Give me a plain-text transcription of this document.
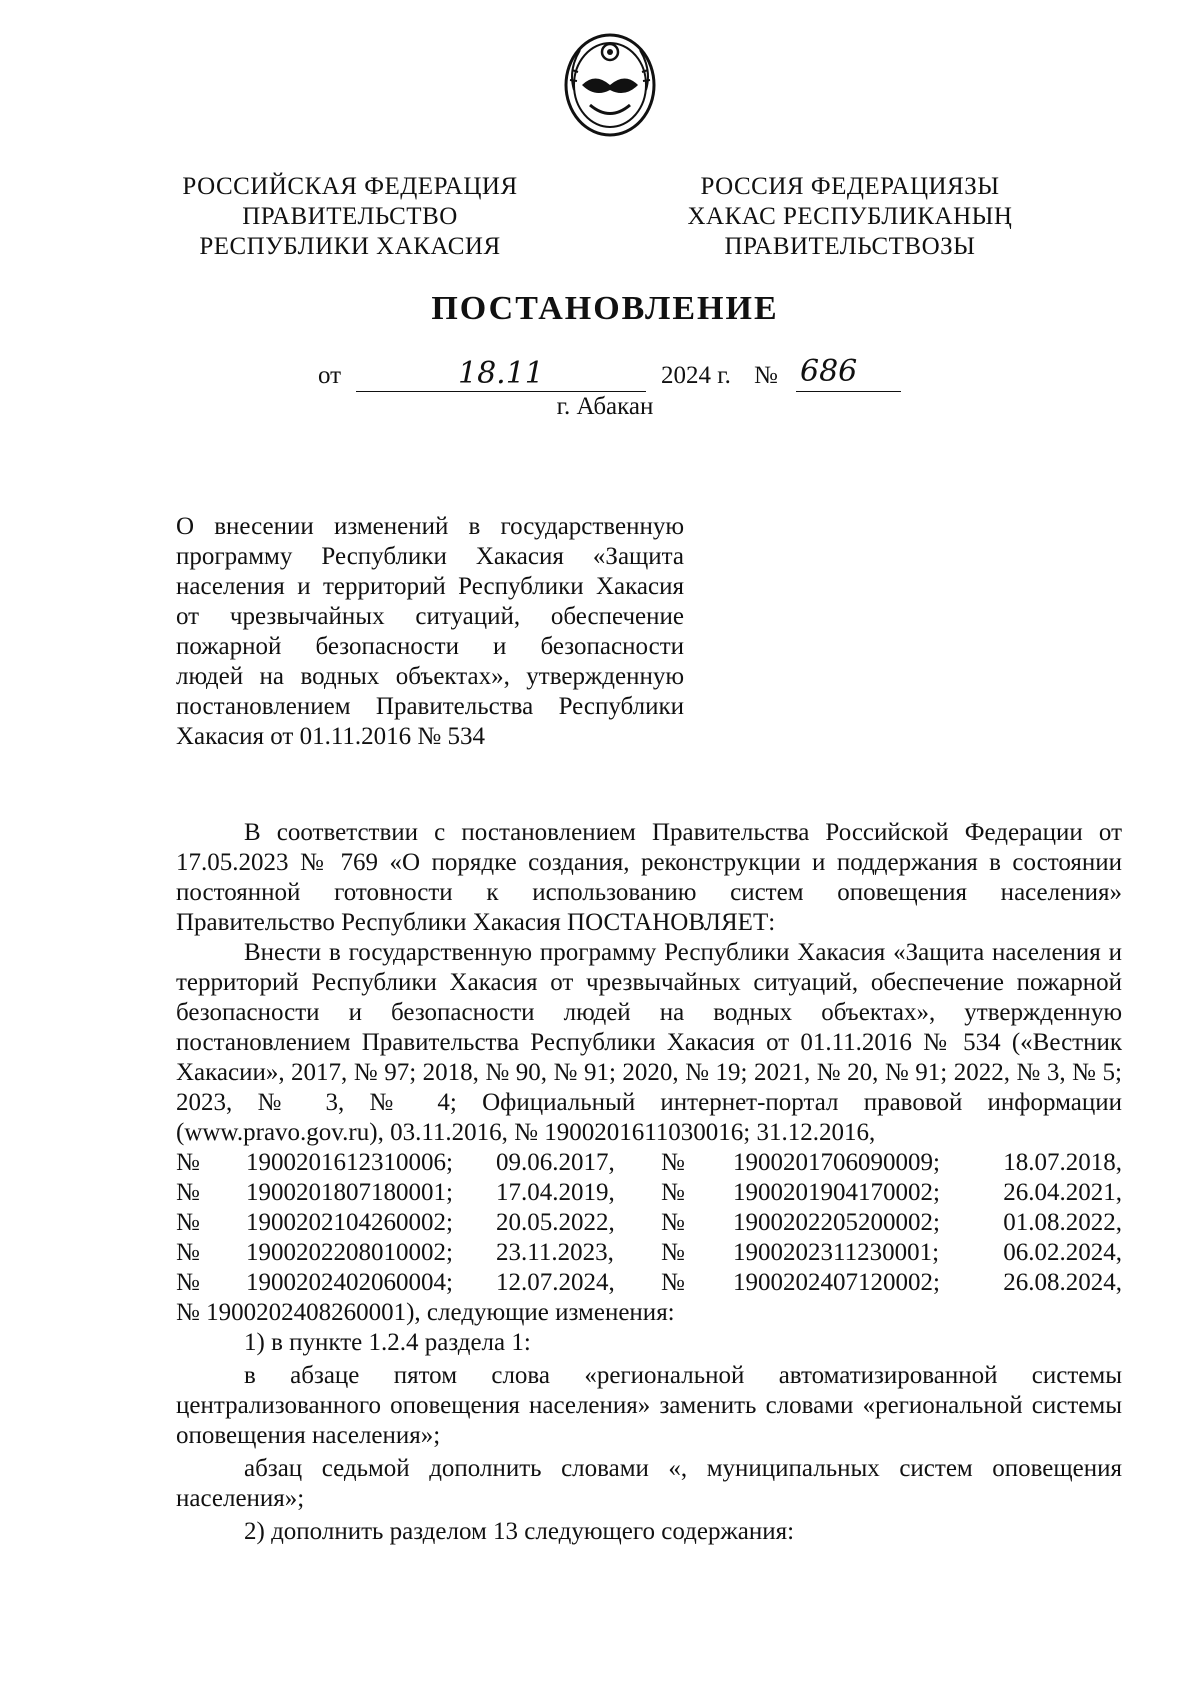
РОССИЙСКАЯ ФЕДЕРАЦИЯ
ПРАВИТЕЛЬСТВО
РЕСПУБЛИКИ ХАКАСИЯ
РОССИЯ ФЕДЕРАЦИЯЗЫ
ХАКАС РЕСПУБЛИКАНЫҢ
ПРАВИТЕЛЬСТВОЗЫ
ПОСТАНОВЛЕНИЕ
от	18.11	2024 г. № 686
г. Абакан
О внесении изменений в государственную
программу Республики Хакасия «Защита
населения и территорий Республики Хакасия
от чрезвычайных ситуаций, обеспечение
пожарной безопасности и безопасности
людей на водных объектах», утвержденную
постановлением Правительства Республики
Хакасия от 01.11.2016 № 534

В соответствии с постановлением Правительства Российской Федерации от 17.05.2023 № 769 «О порядке создания, реконструкции и поддержания в состоянии постоянной готовности к использованию систем оповещения населения» Правительство Республики Хакасия ПОСТАНОВЛЯЕТ:

Внести в государственную программу Республики Хакасия «Защита населения и территорий Республики Хакасия от чрезвычайных ситуаций, обеспечение пожарной безопасности и безопасности людей на водных объектах», утвержденную постановлением Правительства Республики Хакасия от 01.11.2016 № 534 («Вестник Хакасии», 2017, № 97; 2018, № 90, № 91; 2020, № 19; 2021, № 20, № 91; 2022, № 3, № 5; 2023, № 3, № 4; Официальный интернет-портал правовой информации (www.pravo.gov.ru), 03.11.2016, № 1900201611030016; 31.12.2016,

№	1900201612310006;	09.06.2017,	№	1900201706090009;	18.07.2018,
№	1900201807180001;	17.04.2019,	№	1900201904170002;	26.04.2021,
№	1900202104260002;	20.05.2022,	№	1900202205200002;	01.08.2022,
№	1900202208010002;	23.11.2023,	№	1900202311230001;	06.02.2024,
№	1900202402060004;	12.07.2024,	№	1900202407120002;	26.08.2024,

№ 1900202408260001), следующие изменения:

1) в пункте 1.2.4 раздела 1:

в абзаце пятом слова «региональной автоматизированной системы централизованного оповещения населения» заменить словами «региональной системы оповещения населения»;

абзац седьмой дополнить словами «, муниципальных систем оповещения населения»;

2) дополнить разделом 13 следующего содержания:
